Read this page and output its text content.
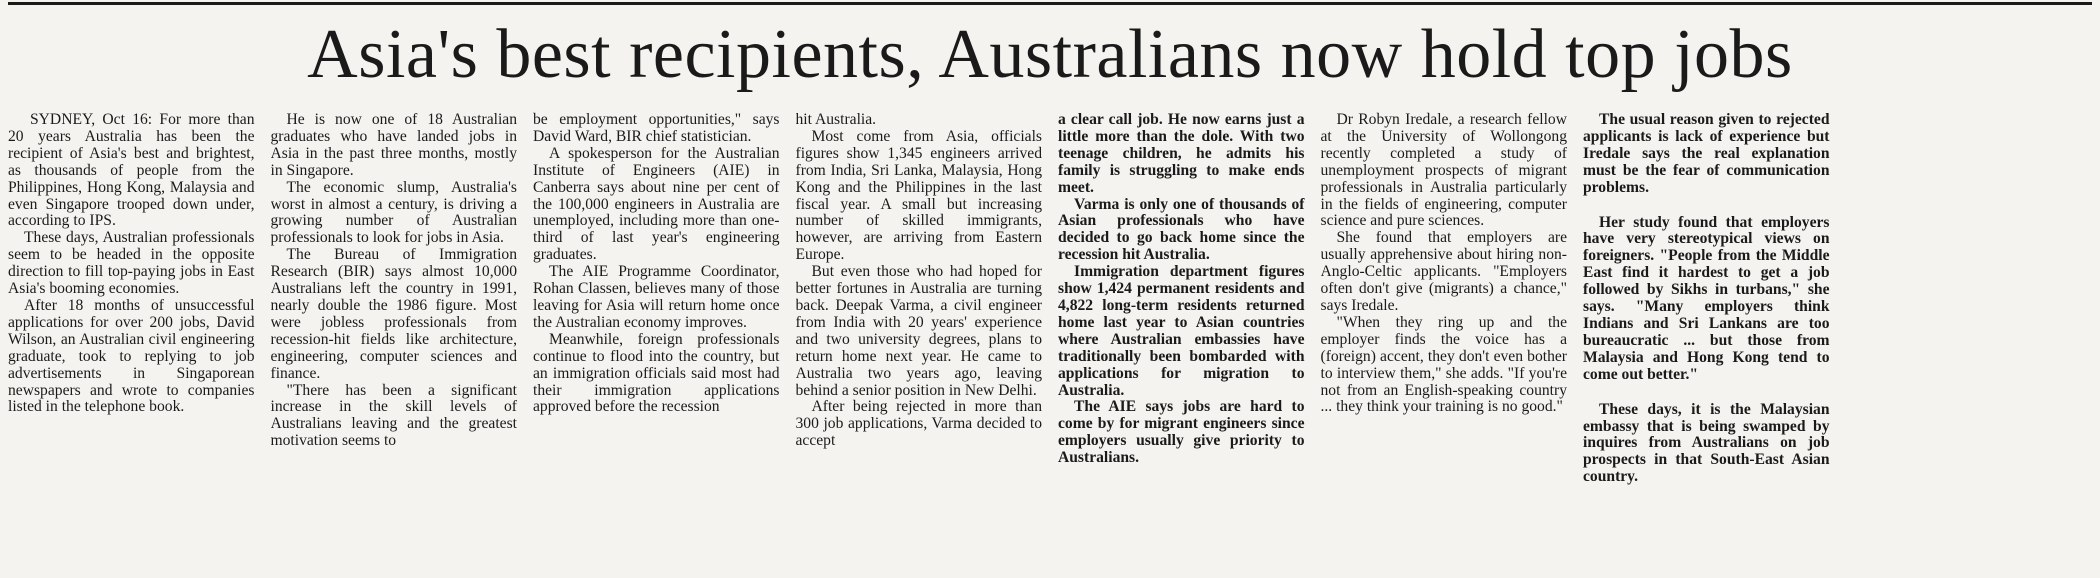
Asia's best recipients, Australians now hold top jobs

SYDNEY, Oct 16: For more than 20 years Australia has been the recipient of Asia's best and brightest, as thousands of people from the Philippines, Hong Kong, Malaysia and even Singapore trooped down under, according to IPS.

These days, Australian professionals seem to be headed in the opposite direction to fill top-paying jobs in East Asia's booming economies.

After 18 months of unsuccessful applications for over 200 jobs, David Wilson, an Australian civil engineering graduate, took to replying to job advertisements in Singaporean newspapers and wrote to companies listed in the telephone book.

He is now one of 18 Australian graduates who have landed jobs in Asia in the past three months, mostly in Singapore.

The economic slump, Australia's worst in almost a century, is driving a growing number of Australian professionals to look for jobs in Asia.

The Bureau of Immigration Research (BIR) says almost 10,000 Australians left the country in 1991, nearly double the 1986 figure. Most were jobless professionals from recession-hit fields like architecture, engineering, computer sciences and finance.

"There has been a significant increase in the skill levels of Australians leaving and the greatest motivation seems to

be employment opportunities," says David Ward, BIR chief statistician.

A spokesperson for the Australian Institute of Engineers (AIE) in Canberra says about nine per cent of the 100,000 engineers in Australia are unemployed, including more than one-third of last year's engineering graduates.

The AIE Programme Coordinator, Rohan Classen, believes many of those leaving for Asia will return home once the Australian economy improves.

Meanwhile, foreign professionals continue to flood into the country, but an immigration officials said most had their immigration applications approved before the recession

hit Australia.

Most come from Asia, officials figures show 1,345 engineers arrived from India, Sri Lanka, Malaysia, Hong Kong and the Philippines in the last fiscal year. A small but increasing number of skilled immigrants, however, are arriving from Eastern Europe.

But even those who had hoped for better fortunes in Australia are turning back. Deepak Varma, a civil engineer from India with 20 years' experience and two university degrees, plans to return home next year. He came to Australia two years ago, leaving behind a senior position in New Delhi.

After being rejected in more than 300 job applications, Varma decided to accept

a clear call job. He now earns just a little more than the dole. With two teenage children, he admits his family is struggling to make ends meet.

Varma is only one of thousands of Asian professionals who have decided to go back home since the recession hit Australia.

Immigration department figures show 1,424 permanent residents and 4,822 long-term residents returned home last year to Asian countries where Australian embassies have traditionally been bombarded with applications for migration to Australia.

The AIE says jobs are hard to come by for migrant engineers since employers usually give priority to Australians.

Dr Robyn Iredale, a research fellow at the University of Wollongong recently completed a study of unemployment prospects of migrant professionals in Australia particularly in the fields of engineering, computer science and pure sciences.

She found that employers are usually apprehensive about hiring non-Anglo-Celtic applicants. "Employers often don't give (migrants) a chance," says Iredale.

"When they ring up and the employer finds the voice has a (foreign) accent, they don't even bother to interview them," she adds. "If you're not from an English-speaking country ... they think your training is no good."

The usual reason given to rejected applicants is lack of experience but Iredale says the real explanation must be the fear of communication problems.

Her study found that employers have very stereotypical views on foreigners. "People from the Middle East find it hardest to get a job followed by Sikhs in turbans," she says. "Many employers think Indians and Sri Lankans are too bureaucratic ... but those from Malaysia and Hong Kong tend to come out better."

These days, it is the Malaysian embassy that is being swamped by inquires from Australians on job prospects in that South-East Asian country.
